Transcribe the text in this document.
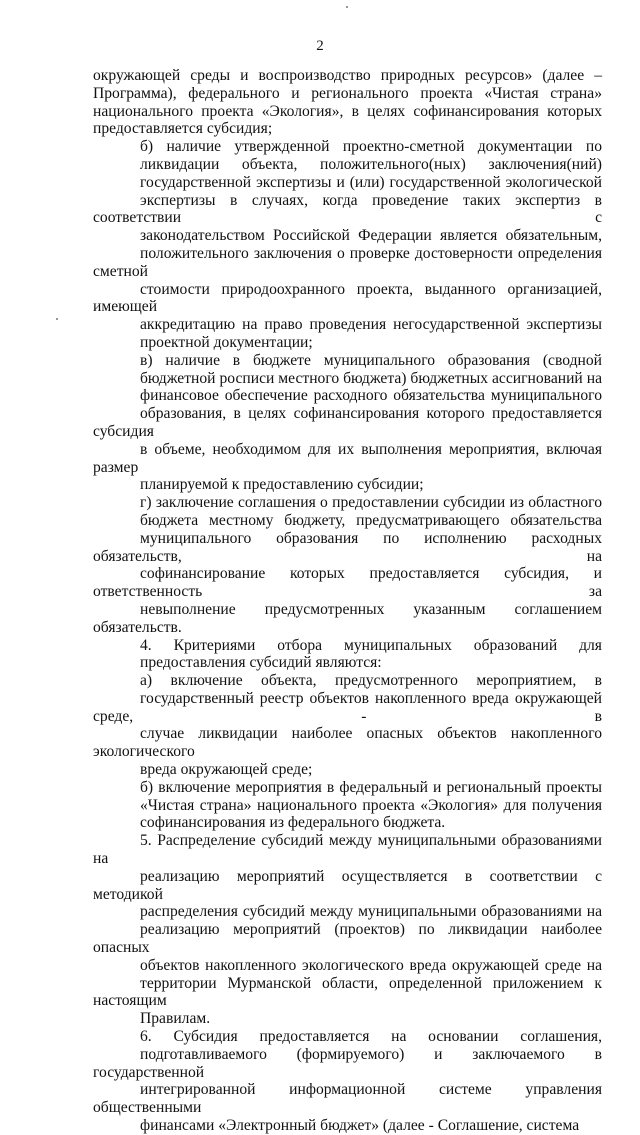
2
окружающей среды и воспроизводство природных ресурсов» (далее –
Программа), федерального и регионального проекта «Чистая страна»
национального проекта «Экология», в целях софинансирования которых
предоставляется субсидия;
б) наличие утвержденной проектно-сметной документации по
ликвидации объекта, положительного(ных) заключения(ний)
государственной экспертизы и (или) государственной экологической
экспертизы в случаях, когда проведение таких экспертиз в соответствии с
законодательством Российской Федерации является обязательным,
положительного заключения о проверке достоверности определения сметной
стоимости природоохранного проекта, выданного организацией, имеющей
аккредитацию на право проведения негосударственной экспертизы
проектной документации;
в) наличие в бюджете муниципального образования (сводной
бюджетной росписи местного бюджета) бюджетных ассигнований на
финансовое обеспечение расходного обязательства муниципального
образования, в целях софинансирования которого предоставляется субсидия
в объеме, необходимом для их выполнения мероприятия, включая размер
планируемой к предоставлению субсидии;
г) заключение соглашения о предоставлении субсидии из областного
бюджета местному бюджету, предусматривающего обязательства
муниципального образования по исполнению расходных обязательств, на
софинансирование которых предоставляется субсидия, и ответственность за
невыполнение предусмотренных указанным соглашением обязательств.
4. Критериями отбора муниципальных образований для
предоставления субсидий являются:
а) включение объекта, предусмотренного мероприятием, в
государственный реестр объектов накопленного вреда окружающей среде, - в
случае ликвидации наиболее опасных объектов накопленного экологического
вреда окружающей среде;
б) включение мероприятия в федеральный и региональный проекты
«Чистая страна» национального проекта «Экология» для получения
софинансирования из федерального бюджета.
5. Распределение субсидий между муниципальными образованиями на
реализацию мероприятий осуществляется в соответствии с методикой
распределения субсидий между муниципальными образованиями на
реализацию мероприятий (проектов) по ликвидации наиболее опасных
объектов накопленного экологического вреда окружающей среде на
территории Мурманской области, определенной приложением к настоящим
Правилам.
6. Субсидия предоставляется на основании соглашения,
подготавливаемого (формируемого) и заключаемого в государственной
интегрированной информационной системе управления общественными
финансами «Электронный бюджет» (далее - Соглашение, система
